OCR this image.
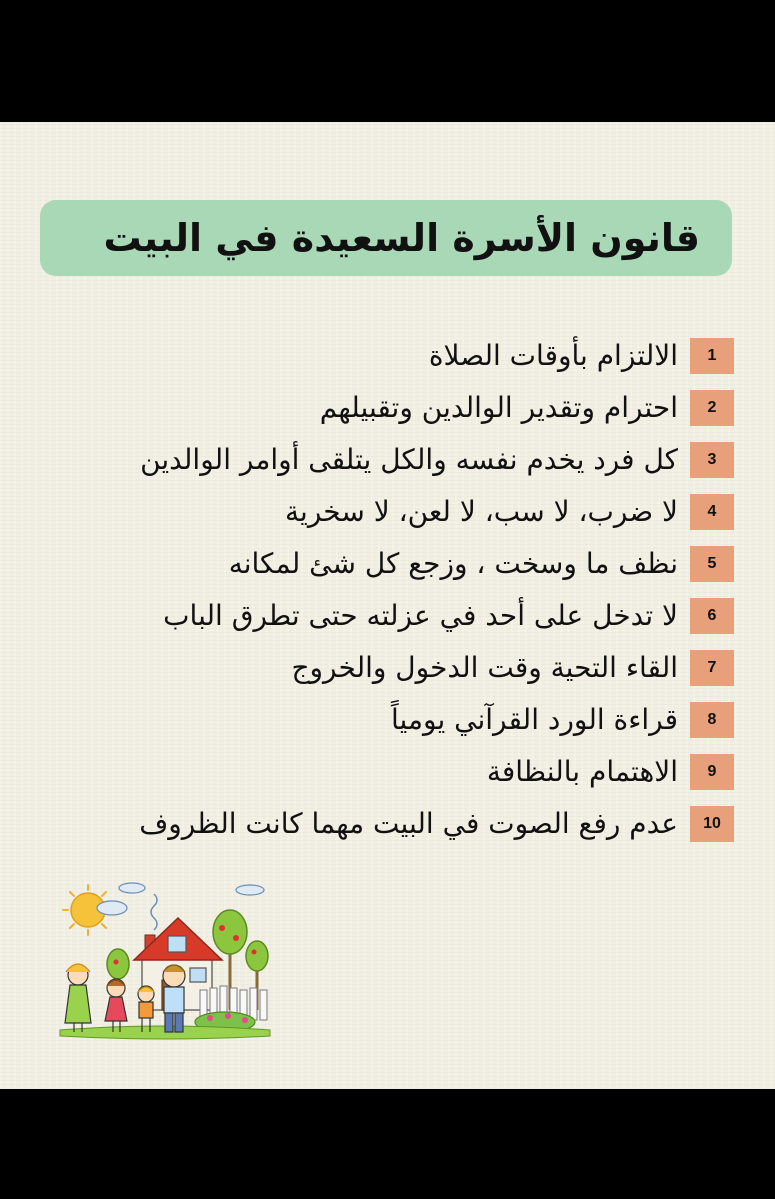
قانون الأسرة السعيدة في البيت
1
الالتزام بأوقات الصلاة
2
احترام وتقدير الوالدين وتقبيلهم
3
كل فرد يخدم نفسه والكل يتلقى أوامر الوالدين
4
لا ضرب، لا سب، لا لعن، لا سخرية
5
نظف ما وسخت ، وزجع كل شئ لمكانه
6
لا تدخل على أحد في عزلته حتى تطرق الباب
7
القاء التحية وقت الدخول والخروج
8
قراءة الورد القرآني يومياً
9
الاهتمام بالنظافة
10
عدم رفع الصوت في البيت مهما كانت الظروف
